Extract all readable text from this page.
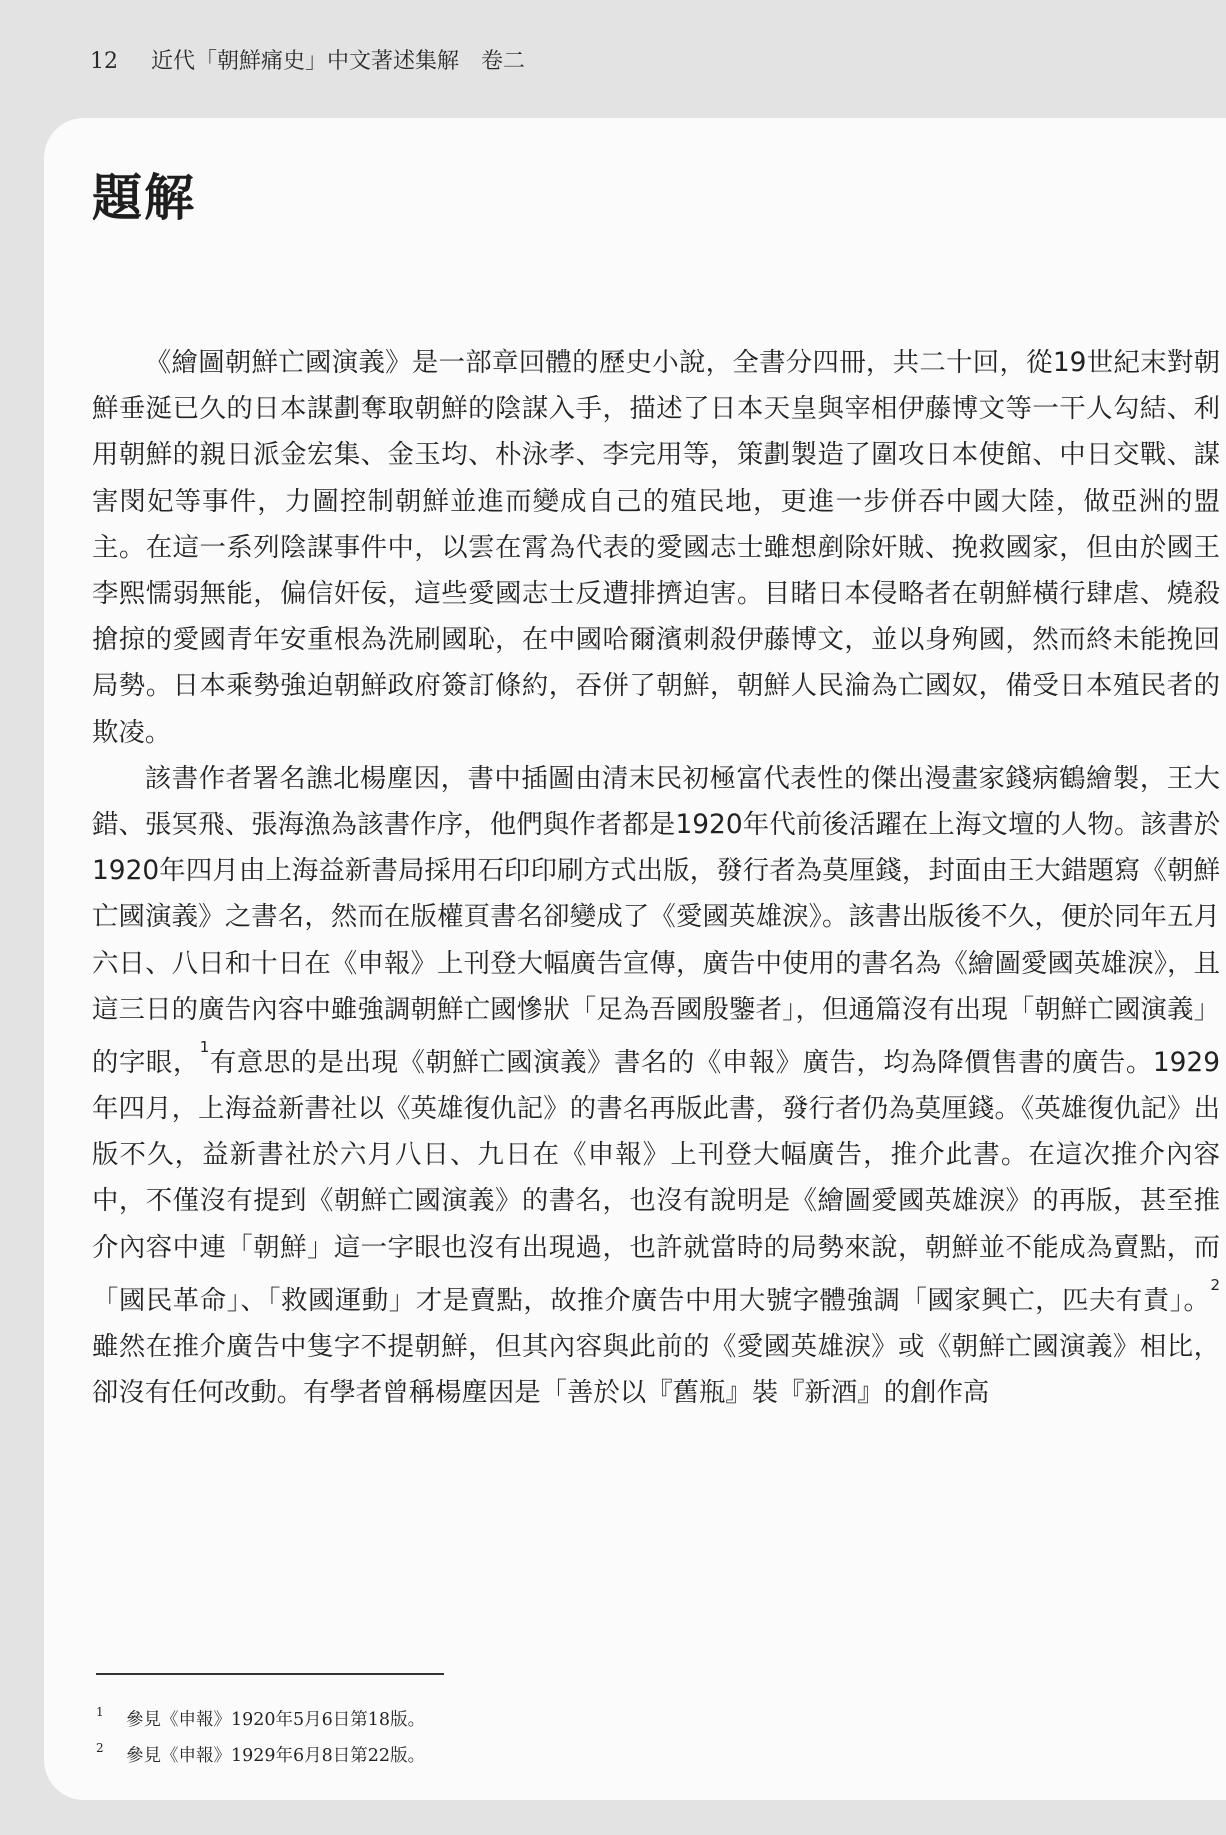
12 近代「朝鮮痛史」中文著述集解　卷二
題解

《繪圖朝鮮亡國演義》是一部章回體的歷史小說，全書分四冊，共二十回，從19世紀末對朝鮮垂涎已久的日本謀劃奪取朝鮮的陰謀入手，描述了日本天皇與宰相伊藤博文等一干人勾結、利用朝鮮的親日派金宏集、金玉均、朴泳孝、李完用等，策劃製造了圍攻日本使館、中日交戰、謀害閔妃等事件，力圖控制朝鮮並進而變成自己的殖民地，更進一步併吞中國大陸，做亞洲的盟主。在這一系列陰謀事件中，以雲在霄為代表的愛國志士雖想剷除奸賊、挽救國家，但由於國王李熙懦弱無能，偏信奸佞，這些愛國志士反遭排擠迫害。目睹日本侵略者在朝鮮橫行肆虐、燒殺搶掠的愛國青年安重根為洗刷國恥，在中國哈爾濱刺殺伊藤博文，並以身殉國，然而終未能挽回局勢。日本乘勢強迫朝鮮政府簽訂條約，吞併了朝鮮，朝鮮人民淪為亡國奴，備受日本殖民者的欺凌。

該書作者署名譙北楊塵因，書中插圖由清末民初極富代表性的傑出漫畫家錢病鶴繪製，王大錯、張冥飛、張海漁為該書作序，他們與作者都是1920年代前後活躍在上海文壇的人物。該書於1920年四月由上海益新書局採用石印印刷方式出版，發行者為莫厘錢，封面由王大錯題寫《朝鮮亡國演義》之書名，然而在版權頁書名卻變成了《愛國英雄淚》。該書出版後不久，便於同年五月六日、八日和十日在《申報》上刊登大幅廣告宣傳，廣告中使用的書名為《繪圖愛國英雄淚》，且這三日的廣告內容中雖強調朝鮮亡國慘狀「足為吾國殷鑒者」，但通篇沒有出現「朝鮮亡國演義」的字眼，$^1$有意思的是出現《朝鮮亡國演義》書名的《申報》廣告，均為降價售書的廣告。1929年四月，上海益新書社以《英雄復仇記》的書名再版此書，發行者仍為莫厘錢。《英雄復仇記》出版不久，益新書社於六月八日、九日在《申報》上刊登大幅廣告，推介此書。在這次推介內容中，不僅沒有提到《朝鮮亡國演義》的書名，也沒有說明是《繪圖愛國英雄淚》的再版，甚至推介內容中連「朝鮮」這一字眼也沒有出現過，也許就當時的局勢來說，朝鮮並不能成為賣點，而「國民革命」、「救國運動」才是賣點，故推介廣告中用大號字體強調「國家興亡，匹夫有責」。$^2$雖然在推介廣告中隻字不提朝鮮，但其內容與此前的《愛國英雄淚》或《朝鮮亡國演義》相比，卻沒有任何改動。有學者曾稱楊塵因是「善於以『舊瓶』裝『新酒』的創作高

1	參見《申報》1920年5月6日第18版。
2	參見《申報》1929年6月8日第22版。
